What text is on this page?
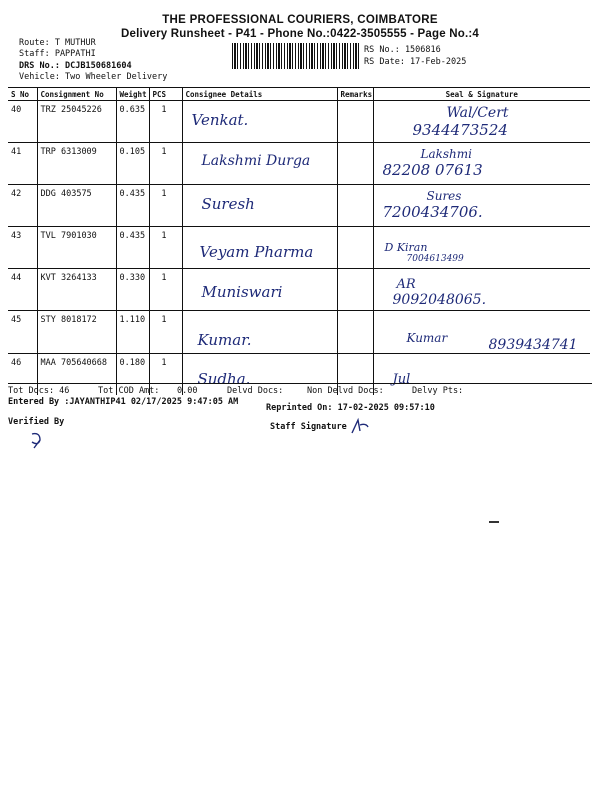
THE PROFESSIONAL COURIERS, COIMBATORE
Delivery Runsheet - P41 - Phone No.:0422-3505555 - Page No.:4
Route: T MUTHUR
Staff: PAPPATHI
DRS No.: DCJB150681604
Vehicle: Two Wheeler Delivery
RS No.: 1506816
RS Date: 17-Feb-2025
S No	Consignment No	Weight	PCS	Consignee Details	Remarks	Seal & Signature
40	TRZ 25045226	0.635	1	Venkat.		Wal/Cert
9344473524

41	TRP 6313009	0.105	1	Lakshmi Durga		Lakshmi
82208 07613

42	DDG 403575	0.435	1	Suresh		Sures
7200434706.

43	TVL 7901030	0.435	1	Veyam Pharma		D Kiran
7004613499

44	KVT 3264133	0.330	1	Muniswari		AR
9092048065.

45	STY 8018172	1.110	1	Kumar.		Kumar 8939434741

46	MAA 705640668	0.180	1	Sudha.		Jul
Tot Docs: 46	Tot COD Amt: 0.00	Delvd Docs:	Non Delvd Docs:	Delvy Pts:
Entered By :JAYANTHIP41 02/17/2025 9:47:05 AM
Reprinted On: 17-02-2025 09:57:10
Verified By	Staff Signature
